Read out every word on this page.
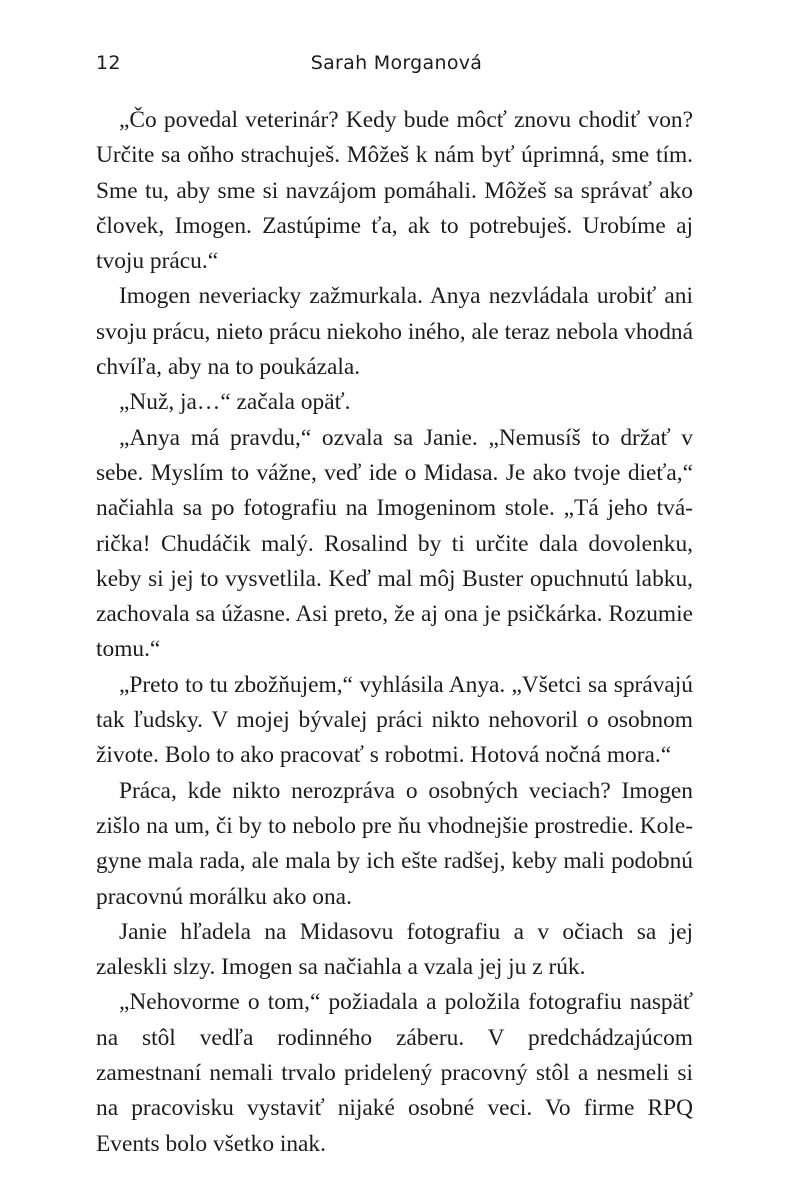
12	Sarah Morganová

„Čo povedal veterinár? Kedy bude môcť znovu chodiť von? Určite sa oňho strachuješ. Môžeš k nám byť úprimná, sme tím. Sme tu, aby sme si navzájom pomáhali. Môžeš sa správať ako človek, Imogen. Zastúpime ťa, ak to potrebuješ. Urobíme aj tvoju prácu.“

Imogen neveriacky zažmurkala. Anya nezvládala urobiť ani svoju prácu, nieto prácu niekoho iného, ale teraz nebola vhodná chvíľa, aby na to poukázala.

„Nuž, ja…“ začala opäť.

„Anya má pravdu,“ ozvala sa Janie. „Nemusíš to držať v sebe. Myslím to vážne, veď ide o Midasa. Je ako tvoje dieťa,“ načiahla sa po fotografiu na Imogeninom stole. „Tá jeho tvárička! Chudáčik malý. Rosalind by ti určite dala dovolenku, keby si jej to vysvetlila. Keď mal môj Buster opuchnutú labku, zachovala sa úžasne. Asi preto, že aj ona je psičkárka. Rozumie tomu.“

„Preto to tu zbožňujem,“ vyhlásila Anya. „Všetci sa správajú tak ľudsky. V mojej bývalej práci nikto nehovoril o osobnom živote. Bolo to ako pracovať s robotmi. Hotová nočná mora.“

Práca, kde nikto nerozpráva o osobných veciach? Imogen zišlo na um, či by to nebolo pre ňu vhodnejšie prostredie. Kolegyne mala rada, ale mala by ich ešte radšej, keby mali podobnú pracovnú morálku ako ona.

Janie hľadela na Midasovu fotografiu a v očiach sa jej zaleskli slzy. Imogen sa načiahla a vzala jej ju z rúk.

„Nehovorme o tom,“ požiadala a položila fotografiu naspäť na stôl vedľa rodinného záberu. V predchádzajúcom zamestnaní nemali trvalo pridelený pracovný stôl a nesmeli si na pracovisku vystaviť nijaké osobné veci. Vo firme RPQ Events bolo všetko inak.
